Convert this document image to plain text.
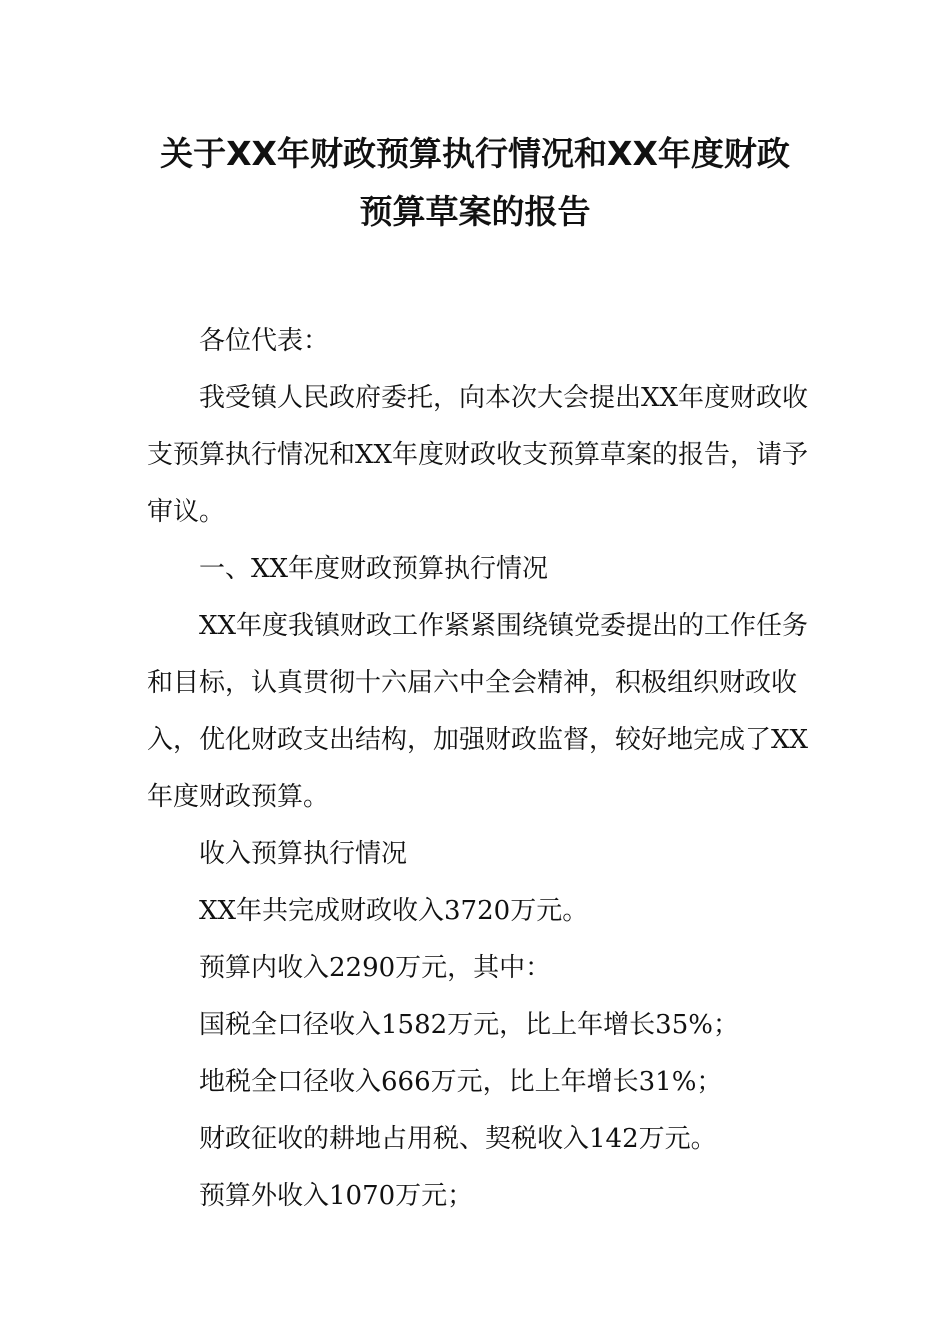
关于XX年财政预算执行情况和XX年度财政
预算草案的报告

各位代表：

我受镇人民政府委托，向本次大会提出XX年度财政收支预算执行情况和XX年度财政收支预算草案的报告，请予审议。

一、XX年度财政预算执行情况

XX年度我镇财政工作紧紧围绕镇党委提出的工作任务和目标，认真贯彻十六届六中全会精神，积极组织财政收入，优化财政支出结构，加强财政监督，较好地完成了XX年度财政预算。

收入预算执行情况

XX年共完成财政收入3720万元。

预算内收入2290万元，其中：

国税全口径收入1582万元，比上年增长35%；

地税全口径收入666万元，比上年增长31%；

财政征收的耕地占用税、契税收入142万元。

预算外收入1070万元；
